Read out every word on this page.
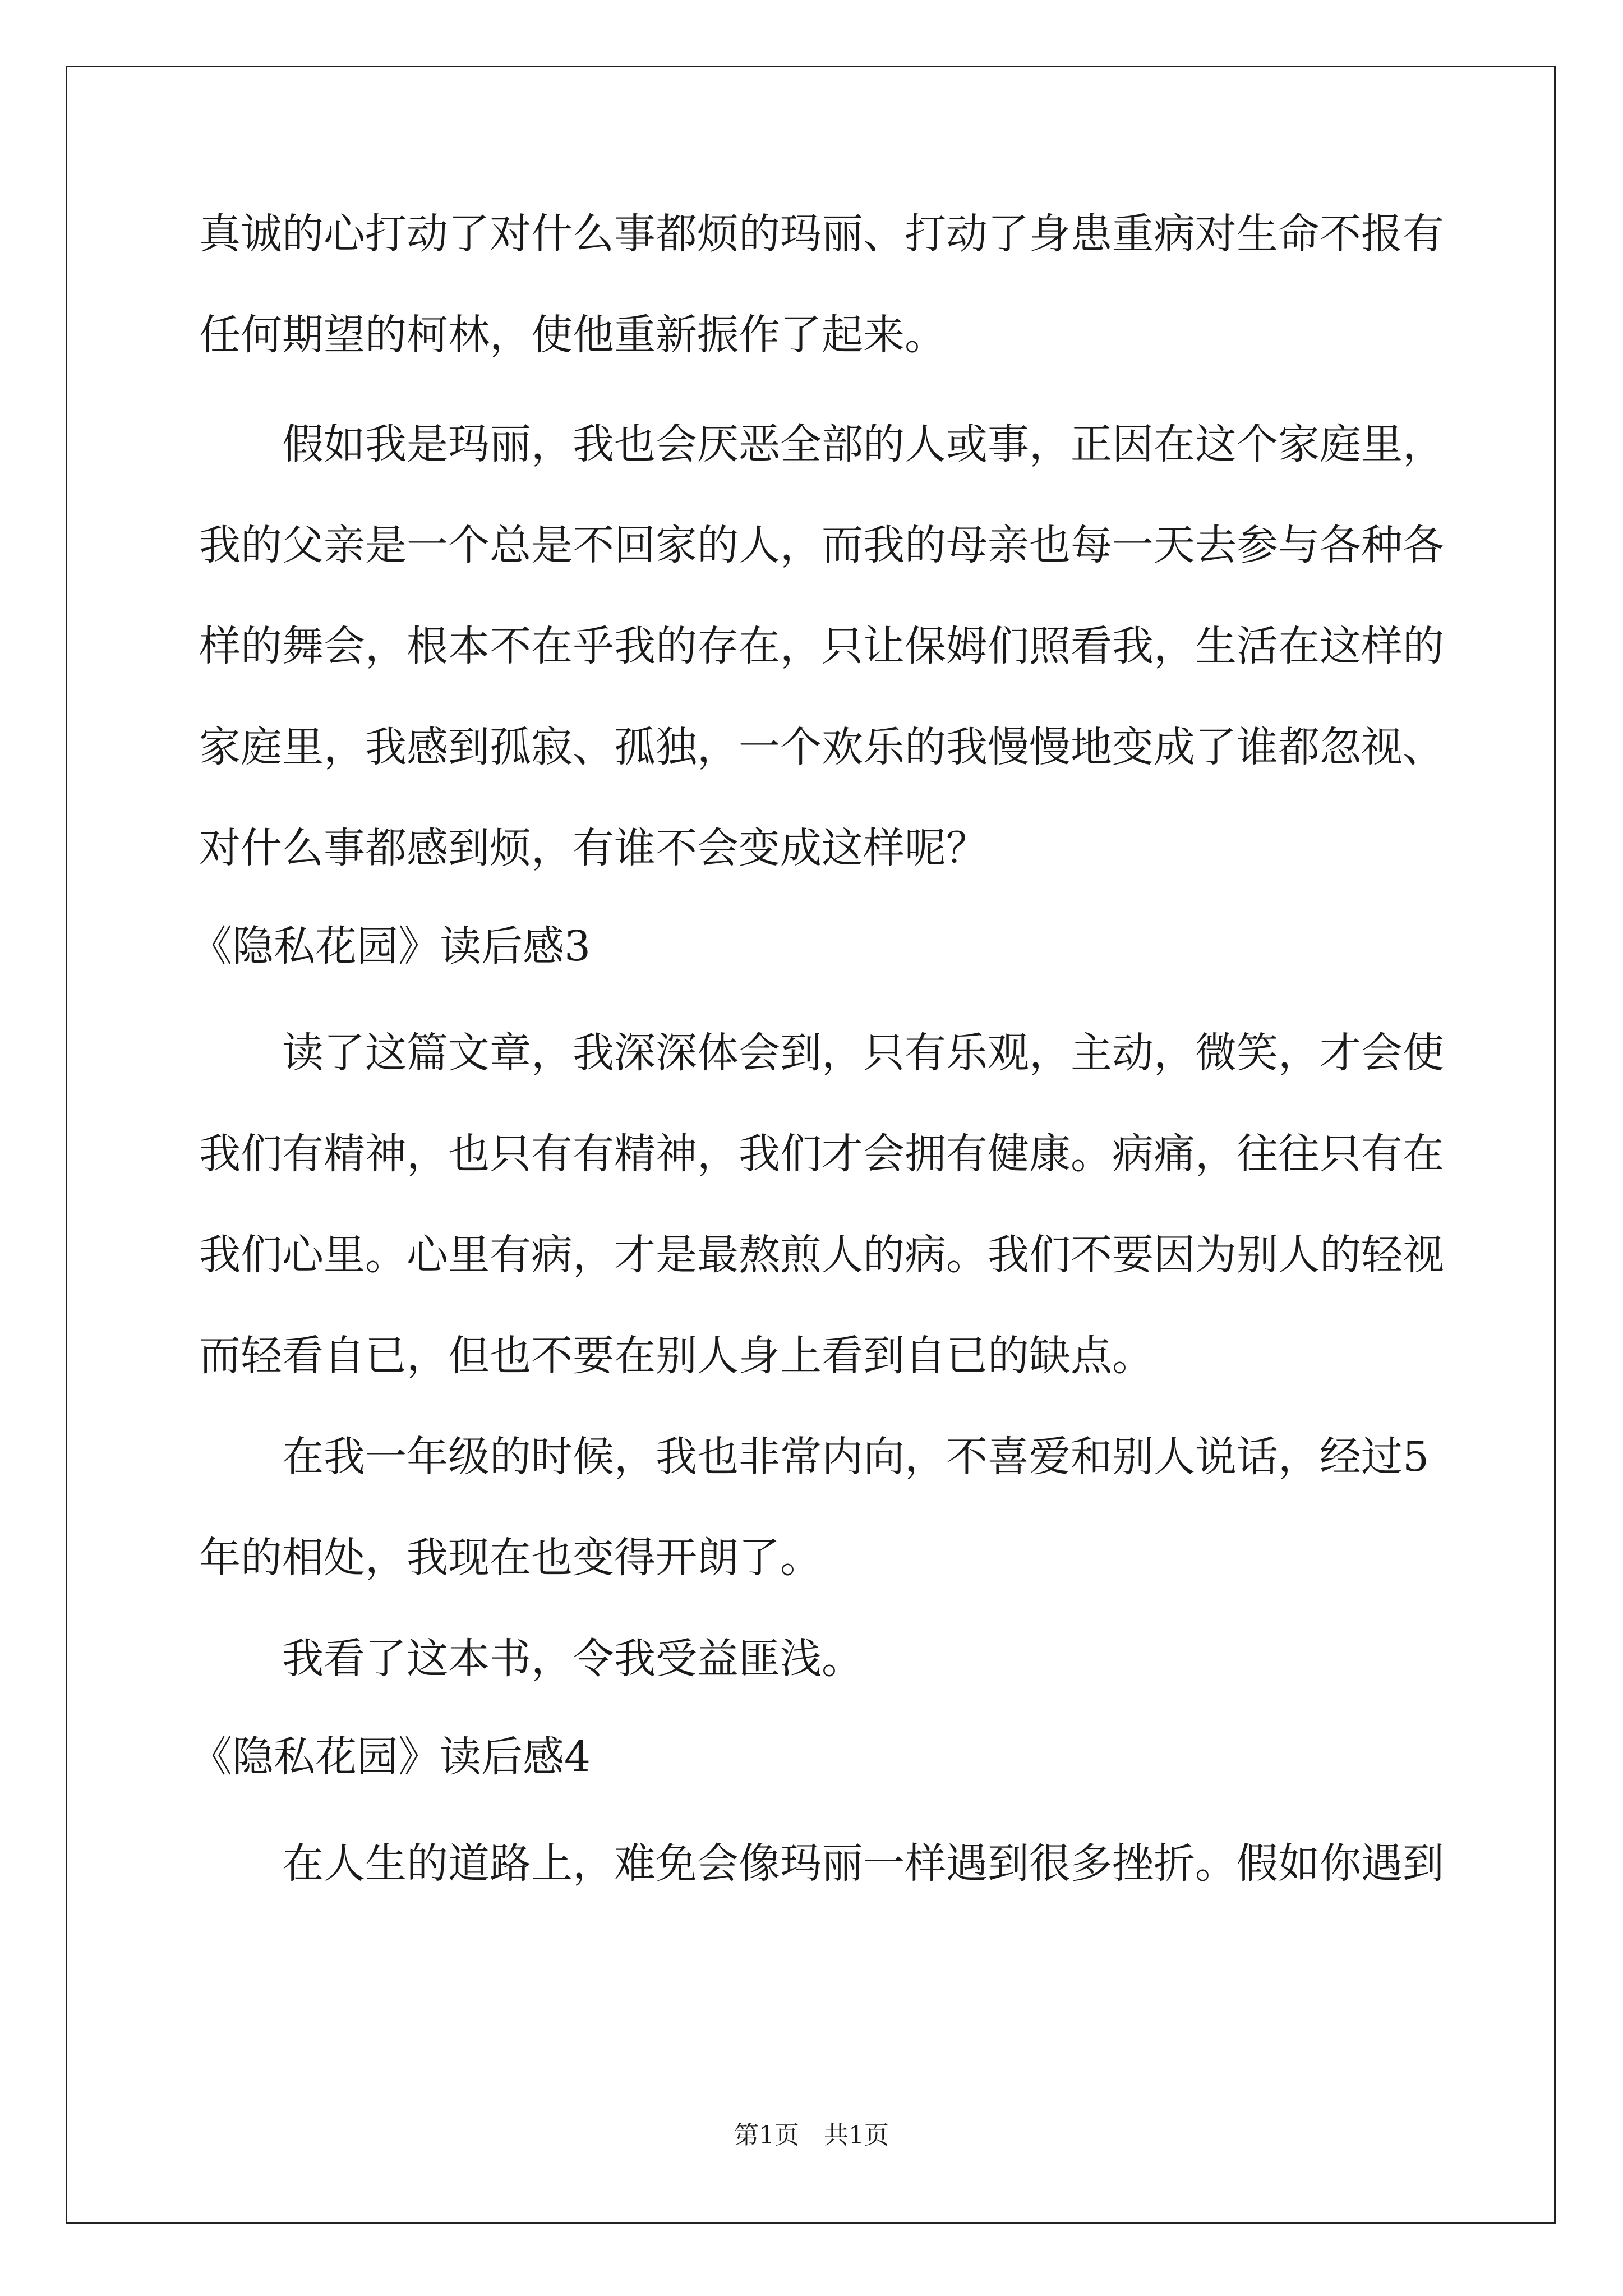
真诚的心打动了对什么事都烦的玛丽、打动了身患重病对生命不报有
任何期望的柯林，使他重新振作了起来。
　　假如我是玛丽，我也会厌恶全部的人或事，正因在这个家庭里，
我的父亲是一个总是不回家的人，而我的母亲也每一天去参与各种各
样的舞会，根本不在乎我的存在，只让保姆们照看我，生活在这样的
家庭里，我感到孤寂、孤独，一个欢乐的我慢慢地变成了谁都忽视、
对什么事都感到烦，有谁不会变成这样呢？
《隐私花园》读后感3
　　读了这篇文章，我深深体会到，只有乐观，主动，微笑，才会使
我们有精神，也只有有精神，我们才会拥有健康。病痛，往往只有在
我们心里。心里有病，才是最熬煎人的病。我们不要因为别人的轻视
而轻看自已，但也不要在别人身上看到自已的缺点。
　　在我一年级的时候，我也非常内向，不喜爱和别人说话，经过5
年的相处，我现在也变得开朗了。
　　我看了这本书，令我受益匪浅。
《隐私花园》读后感4
　　在人生的道路上，难免会像玛丽一样遇到很多挫折。假如你遇到
第1页　共1页
